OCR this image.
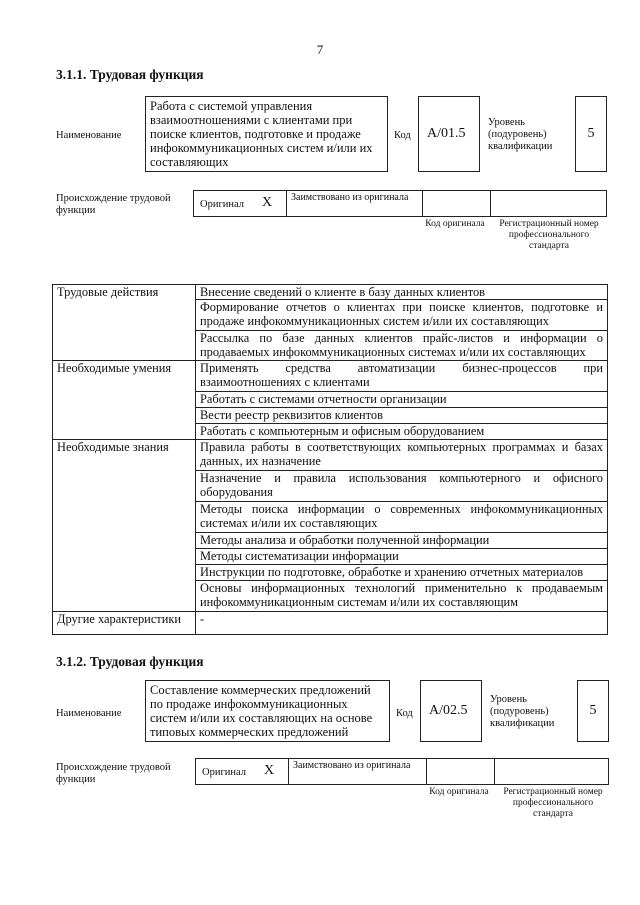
7
3.1.1. Трудовая функция
Наименование
Работа с системой управления взаимоотношениями с клиентами при поиске клиентов, подготовке и продаже инфокоммуникационных систем и/или их составляющих
Код	А/01.5
Уровень (подуровень) квалификации
5
Происхождение трудовой функции
Оригинал X Заимствовано из оригинала
Код оригинала	Регистрационный номер профессионального стандарта
Трудовые действия	Внесение сведений о клиенте в базу данных клиентов
	Формирование отчетов о клиентах при поиске клиентов, подготовке и продаже инфокоммуникационных систем и/или их составляющих
	Рассылка по базе данных клиентов прайс-листов и информации о продаваемых инфокоммуникационных системах и/или их составляющих
Необходимые умения	Применять средства автоматизации бизнес-процессов при взаимоотношениях с клиентами
	Работать с системами отчетности организации
	Вести реестр реквизитов клиентов
	Работать с компьютерным и офисным оборудованием
Необходимые знания	Правила работы в соответствующих компьютерных программах и базах данных, их назначение
	Назначение и правила использования компьютерного и офисного оборудования
	Методы поиска информации о современных инфокоммуникационных системах и/или их составляющих
	Методы анализа и обработки полученной информации
	Методы систематизации информации
	Инструкции по подготовке, обработке и хранению отчетных материалов
	Основы информационных технологий применительно к продаваемым инфокоммуникационным системам и/или их составляющим
Другие характеристики	-
3.1.2. Трудовая функция
Наименование
Составление коммерческих предложений по продаже инфокоммуникационных систем и/или их составляющих на основе типовых коммерческих предложений
Код	А/02.5
Уровень (подуровень) квалификации
5
Происхождение трудовой функции
Оригинал X Заимствовано из оригинала
Код оригинала	Регистрационный номер профессионального стандарта
